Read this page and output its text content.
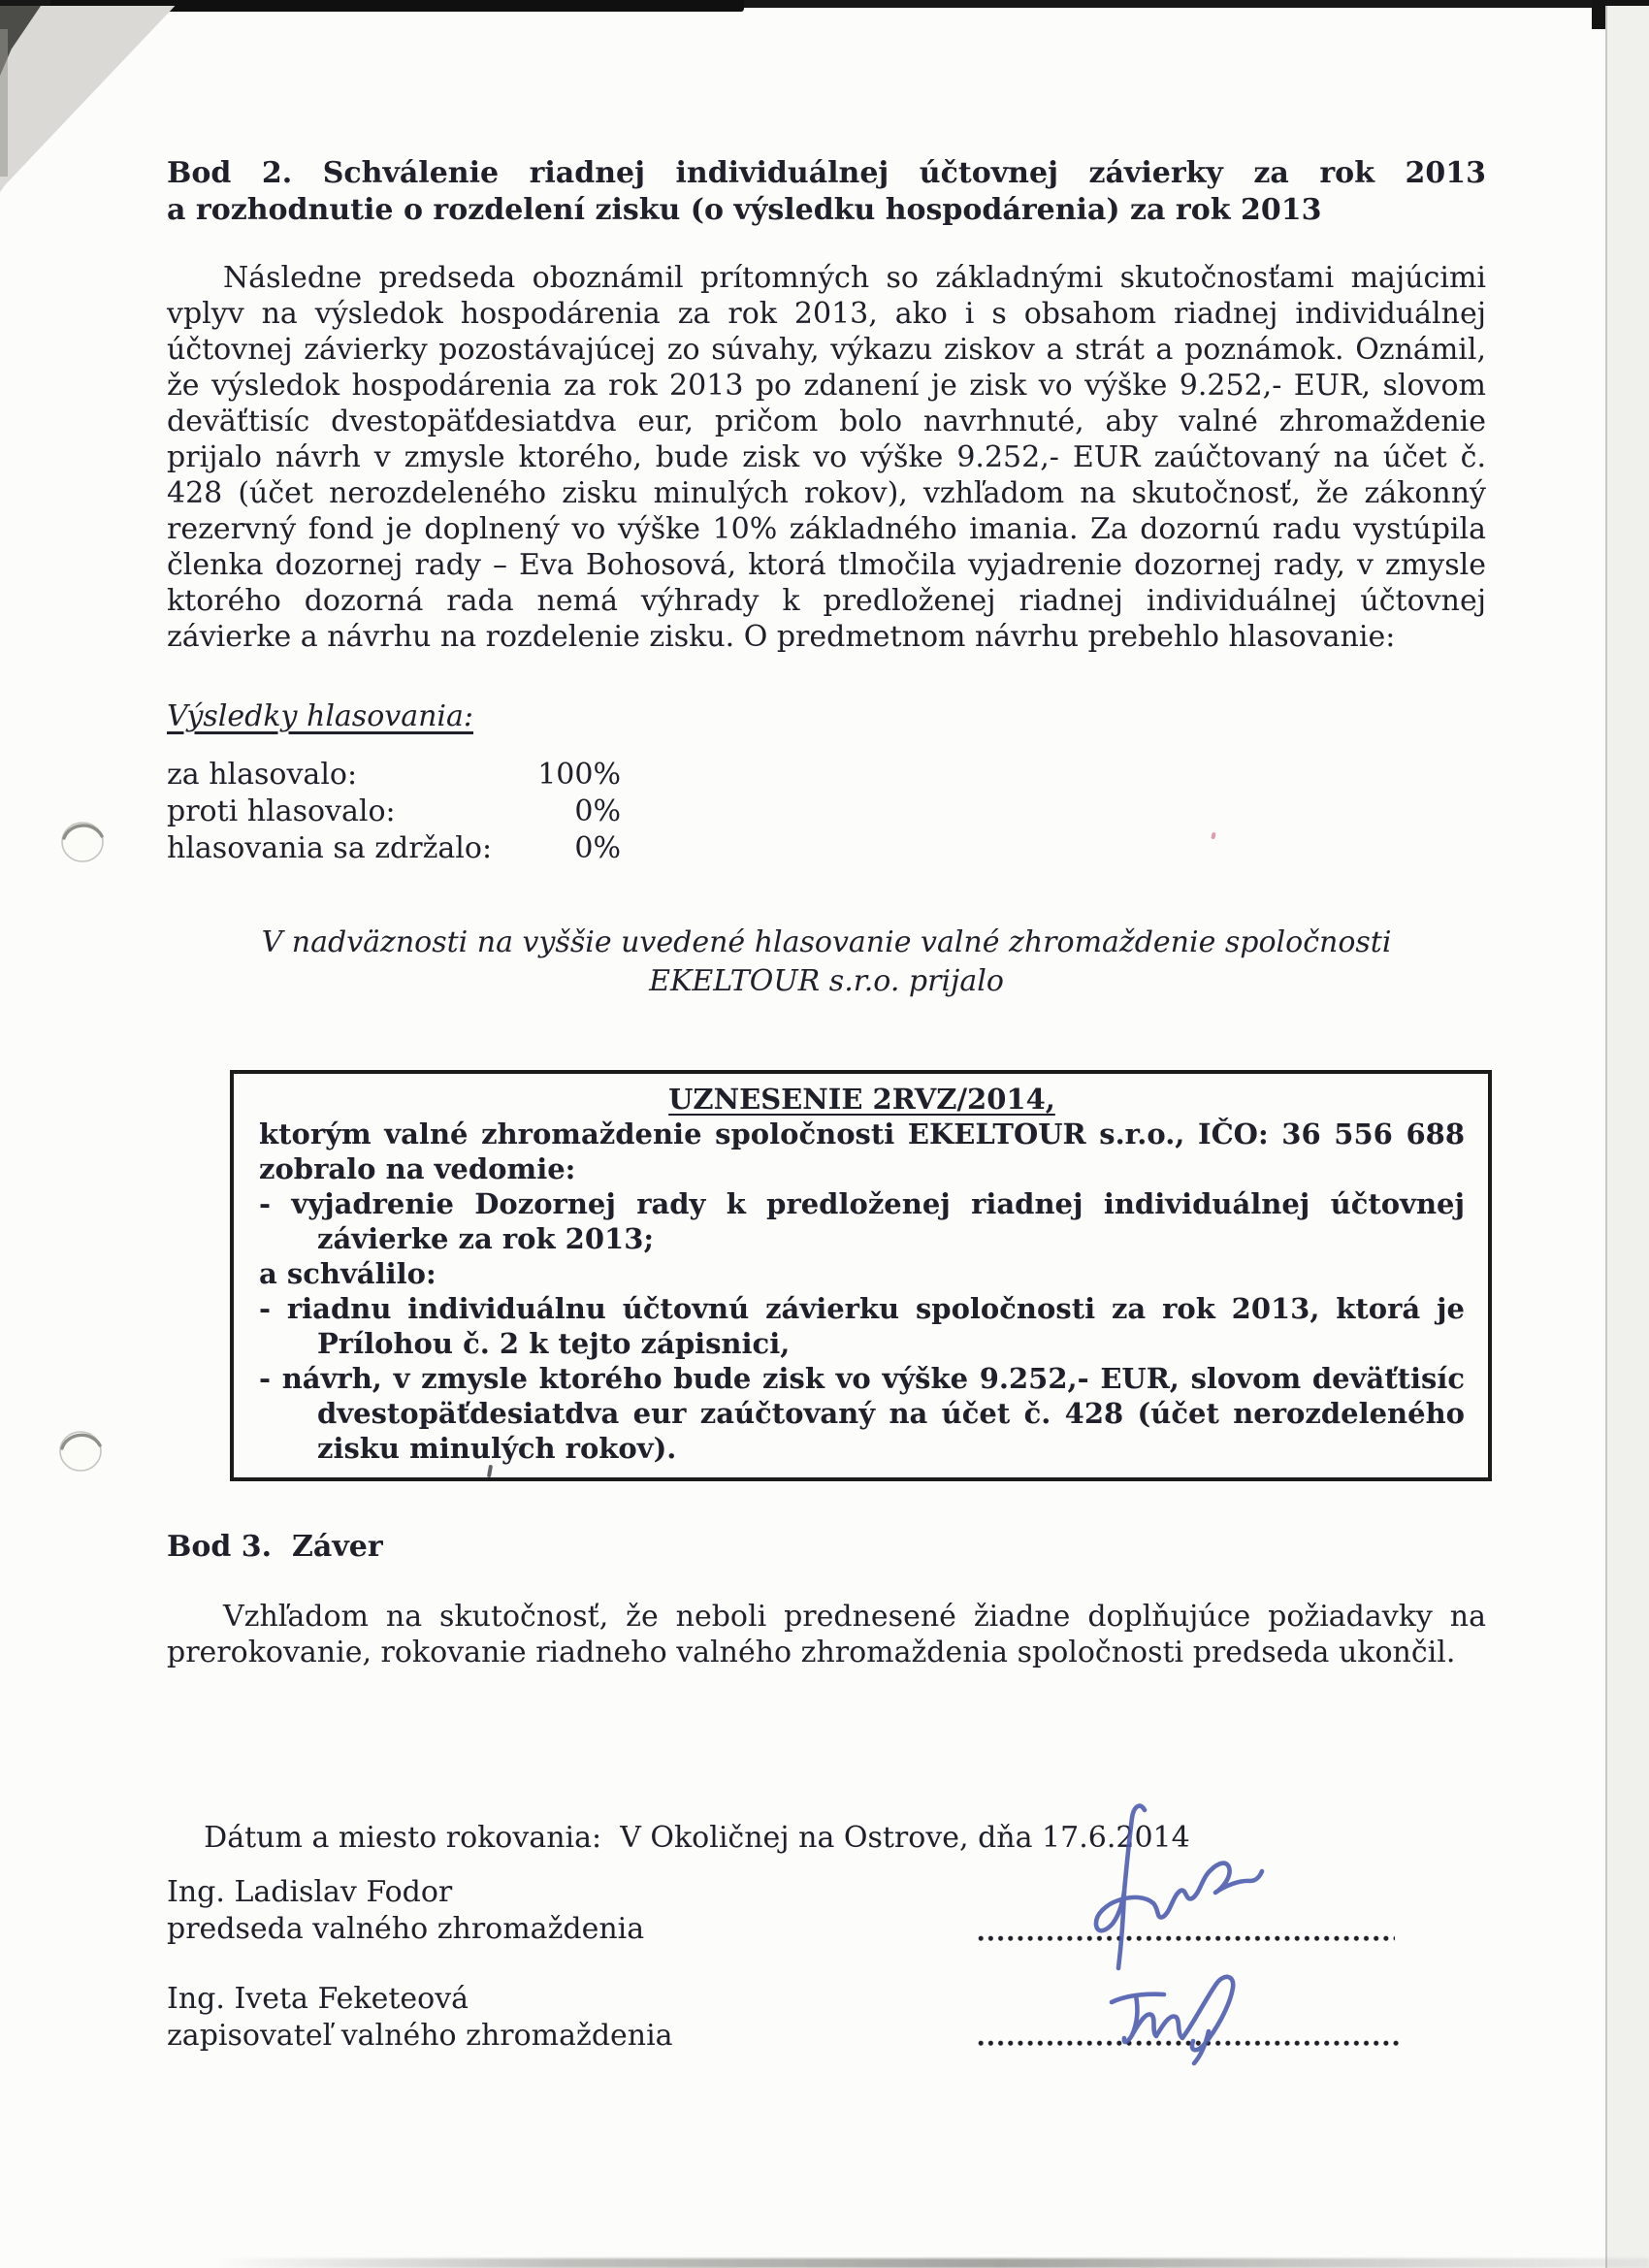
Bod 2. Schválenie riadnej individuálnej účtovnej závierky za rok 2013
a rozhodnutie o rozdelení zisku (o výsledku hospodárenia) za rok 2013
Následne predseda oboznámil prítomných so základnými skutočnosťami majúcimi vplyv na výsledok hospodárenia za rok 2013, ako i s obsahom riadnej individuálnej účtovnej závierky pozostávajúcej zo súvahy, výkazu ziskov a strát a poznámok. Oznámil, že výsledok hospodárenia za rok 2013 po zdanení je zisk vo výške 9.252,- EUR, slovom deväťtisíc dvestopäťdesiatdva eur, pričom bolo navrhnuté, aby valné zhromaždenie prijalo návrh v zmysle ktorého, bude zisk vo výške 9.252,- EUR zaúčtovaný na účet č. 428 (účet nerozdeleného zisku minulých rokov), vzhľadom na skutočnosť, že zákonný rezervný fond je doplnený vo výške 10% základného imania. Za dozornú radu vystúpila členka dozornej rady – Eva Bohosová, ktorá tlmočila vyjadrenie dozornej rady, v zmysle ktorého dozorná rada nemá výhrady k predloženej riadnej individuálnej účtovnej závierke a návrhu na rozdelenie zisku. O predmetnom návrhu prebehlo hlasovanie:
Výsledky hlasovania:
za hlasovalo:	100%
proti hlasovalo:	0%
hlasovania sa zdržalo:	0%
V nadväznosti na vyššie uvedené hlasovanie valné zhromaždenie spoločnosti
EKELTOUR s.r.o. prijalo
UZNESENIE 2RVZ/2014,
ktorým valné zhromaždenie spoločnosti EKELTOUR s.r.o., IČO: 36 556 688
zobralo na vedomie:
- vyjadrenie Dozornej rady k predloženej riadnej individuálnej účtovnej závierke za rok 2013;
a schválilo:
- riadnu individuálnu účtovnú závierku spoločnosti za rok 2013, ktorá je Prílohou č. 2 k tejto zápisnici,
- návrh, v zmysle ktorého bude zisk vo výške 9.252,- EUR, slovom deväťtisíc dvestopäťdesiatdva eur zaúčtovaný na účet č. 428 (účet nerozdeleného zisku minulých rokov).
Bod 3.  Záver
Vzhľadom na skutočnosť, že neboli prednesené žiadne doplňujúce požiadavky na prerokovanie, rokovanie riadneho valného zhromaždenia spoločnosti predseda ukončil.

Dátum a miesto rokovania: V Okoličnej na Ostrove, dňa 17.6.2014

Ing. Ladislav Fodor
predseda valného zhromaždenia
Ing. Iveta Feketeová
zapisovateľ valného zhromaždenia
